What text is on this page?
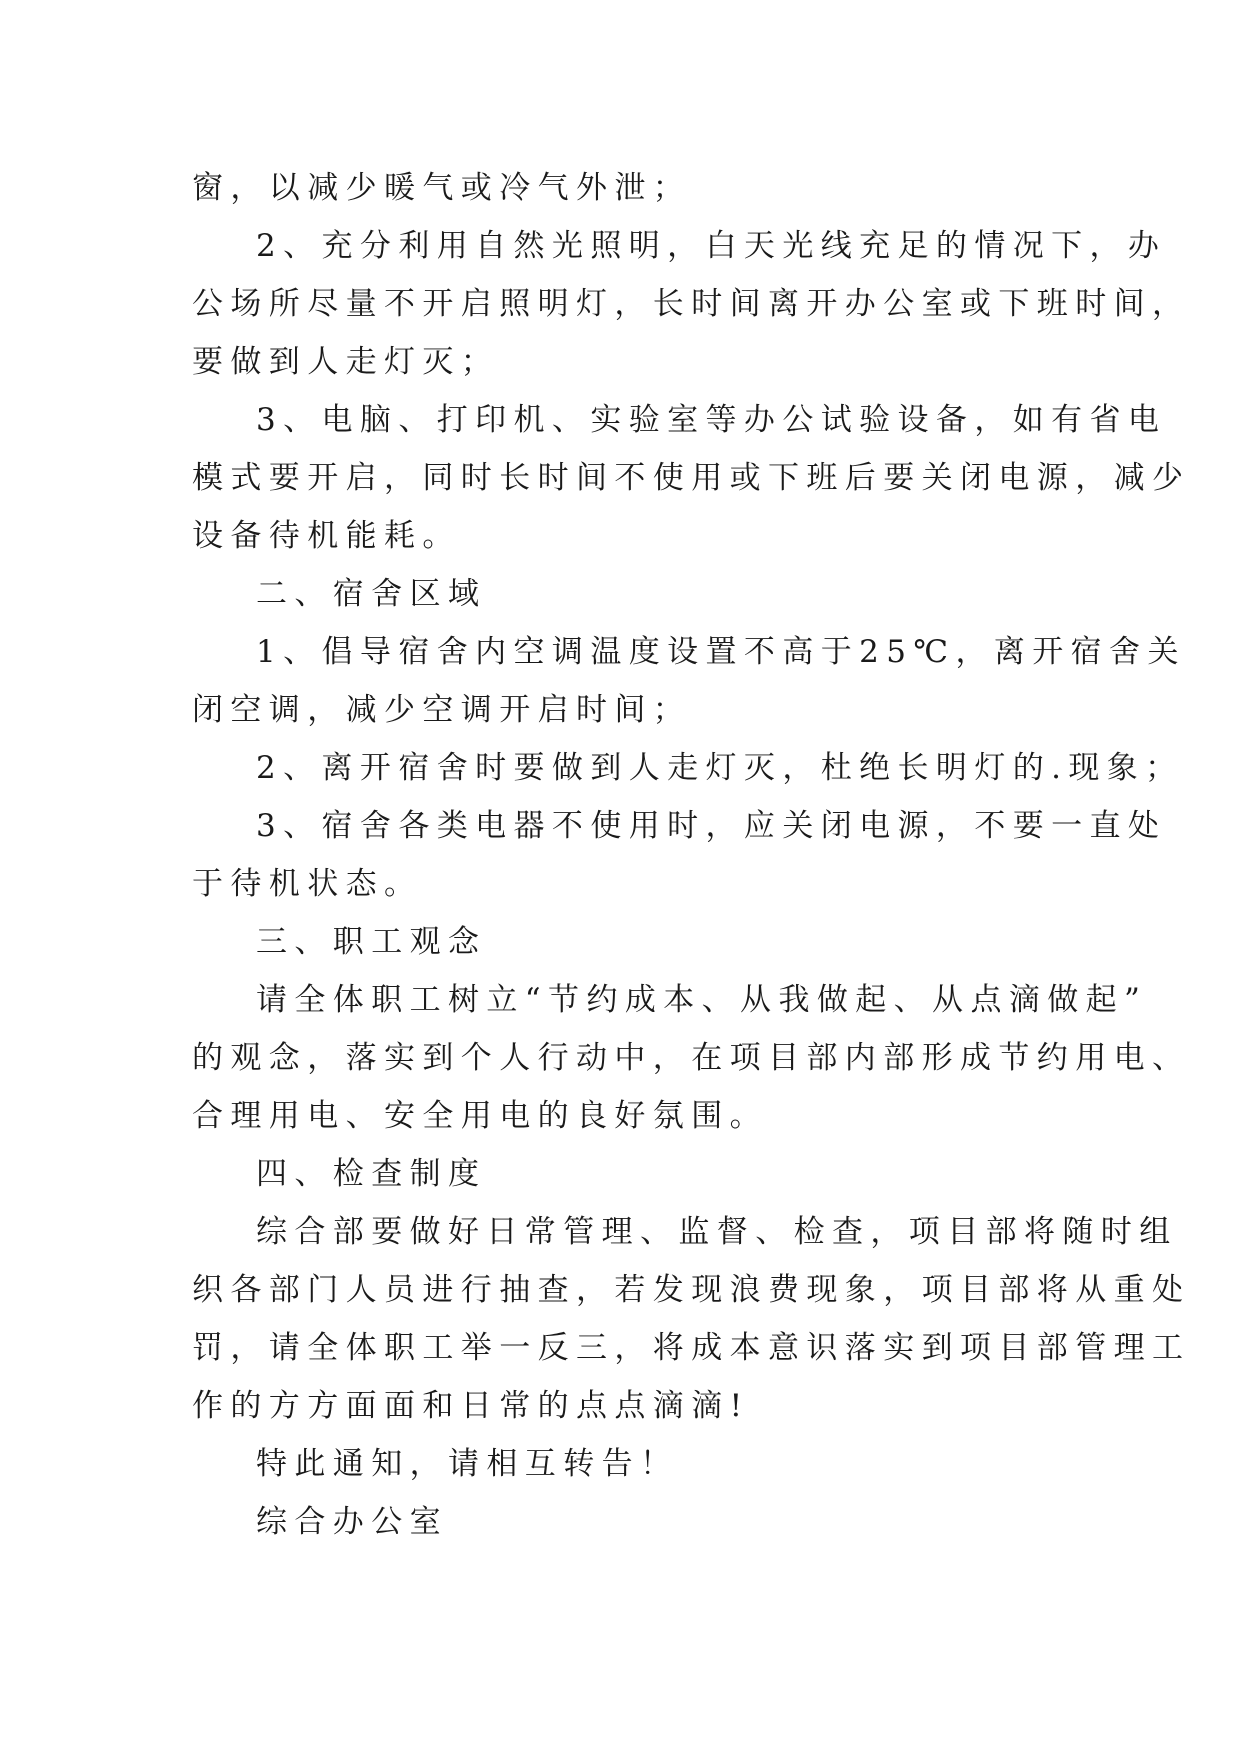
窗，以减少暖气或冷气外泄；
2、充分利用自然光照明，白天光线充足的情况下，办
公场所尽量不开启照明灯，长时间离开办公室或下班时间，
要做到人走灯灭；
3、电脑、打印机、实验室等办公试验设备，如有省电
模式要开启，同时长时间不使用或下班后要关闭电源，减少
设备待机能耗。
二、宿舍区域
1、倡导宿舍内空调温度设置不高于25℃，离开宿舍关
闭空调，减少空调开启时间；
2、离开宿舍时要做到人走灯灭，杜绝长明灯的.现象；
3、宿舍各类电器不使用时，应关闭电源，不要一直处
于待机状态。
三、职工观念
请全体职工树立“节约成本、从我做起、从点滴做起”
的观念，落实到个人行动中，在项目部内部形成节约用电、
合理用电、安全用电的良好氛围。
四、检查制度
综合部要做好日常管理、监督、检查，项目部将随时组
织各部门人员进行抽查，若发现浪费现象，项目部将从重处
罚，请全体职工举一反三，将成本意识落实到项目部管理工
作的方方面面和日常的点点滴滴!
特此通知，请相互转告！
综合办公室
